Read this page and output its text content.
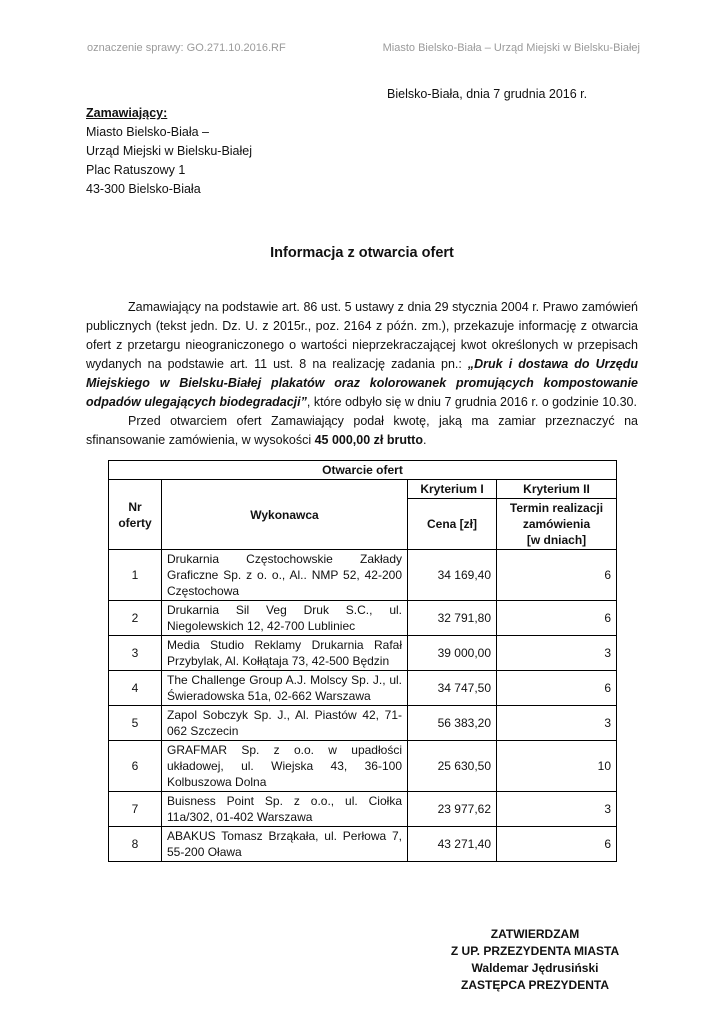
oznaczenie sprawy: GO.271.10.2016.RF	Miasto Bielsko-Biała – Urząd Miejski w Bielsku-Białej
Bielsko-Biała, dnia 7 grudnia 2016 r.
Zamawiający:
Miasto Bielsko-Biała –
Urząd Miejski w Bielsku-Białej
Plac Ratuszowy 1
43-300 Bielsko-Biała
Informacja z otwarcia ofert

Zamawiający na podstawie art. 86 ust. 5 ustawy z dnia 29 stycznia 2004 r. Prawo zamówień publicznych (tekst jedn. Dz. U. z 2015r., poz. 2164 z późn. zm.), przekazuje informację z otwarcia ofert z przetargu nieograniczonego o wartości nieprzekraczającej kwot określonych w przepisach wydanych na podstawie art. 11 ust. 8 na realizację zadania pn.: „Druk i dostawa do Urzędu Miejskiego w Bielsku-Białej plakatów oraz kolorowanek promujących kompostowanie odpadów ulegających biodegradacji”, które odbyło się w dniu 7 grudnia 2016 r. o godzinie 10.30.

Przed otwarciem ofert Zamawiający podał kwotę, jaką ma zamiar przeznaczyć na sfinansowanie zamówienia, w wysokości 45 000,00 zł brutto.

Otwarcie ofert			
Nr
oferty	Wykonawca	Kryterium I	Kryterium II
		Cena [zł]	Termin realizacji
zamówienia
[w dniach]
1	Drukarnia Częstochowskie Zakłady Graficzne Sp. z o. o., Al.. NMP 52, 42-200 Częstochowa	34 169,40	6
2	Drukarnia Sil Veg Druk S.C., ul. Niegolewskich 12, 42-700 Lubliniec	32 791,80	6
3	Media Studio Reklamy Drukarnia Rafał Przybylak, Al. Kołłątaja 73, 42-500 Będzin	39 000,00	3
4	The Challenge Group A.J. Molscy Sp. J., ul. Świeradowska 51a, 02-662 Warszawa	34 747,50	6
5	Zapol Sobczyk Sp. J., Al. Piastów 42, 71-062 Szczecin	56 383,20	3
6	GRAFMAR Sp. z o.o. w upadłości układowej, ul. Wiejska 43, 36-100 Kolbuszowa Dolna	25 630,50	10
7	Buisness Point Sp. z o.o., ul. Ciołka 11a/302, 01-402 Warszawa	23 977,62	3
8	ABAKUS Tomasz Brząkała, ul. Perłowa 7, 55-200 Oława	43 271,40	6
ZATWIERDZAM
Z UP. PRZEZYDENTA MIASTA
Waldemar Jędrusiński
ZASTĘPCA PREZYDENTA
